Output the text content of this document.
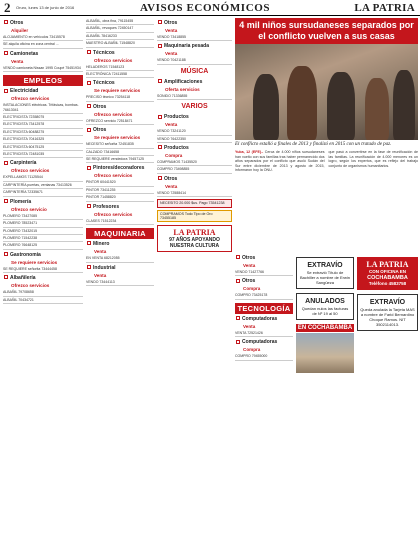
2 Oruro, lunes 13 de junio de 2016	AVISOS ECONÓMICOS	LA PATRIA
Otros
Alquiler
ALOJAMIENTO en vehículos 73415578
SE alquila oficina en zona central ...
Camionetas
Venta
VENDO camioneta Nissan 1995 Coupé 75451934
EMPLEOS
Electricidad
Ofrezco servicios
INSTALACIONES eléctricas. Trifásicas, bombas. 76613041
ELECTRICISTA 72358075
ELECTRICISTA 73412578
ELECTRICISTA 60488275
ELECTRICISTA 70416325
ELECTRICISTA 60475125
ELECTRICISTA 72481035
Carpintería
Ofrezco servicios
EXPELLAMOS 71125544
CARPINTERÍA puertas, ventanas 73413526
CARPINTERÍA 72335671
Plomería
Ofrezco servicio
PLOMERO 73427085
PLOMERO 78523471
PLOMERO 73432015
PLOMERO 71542238
PLOMERO 76648125
Gastronomía
Se requiere servicios
SE REQUIERE señorita 73444458
Albañilería
Ofrezco servicios
ALBAÑIL 79708658
ALBAÑIL 70434721
ALBAÑIL, obra fina, 79115455
ALBAÑIL, revoques 72450147
ALBAÑIL 78416233
MAESTRO ALBAÑIL 71548820
Técnicos
Ofrezco servicios
HELADEROS 71548123
ELECTRÓNICA 72411558
Técnicos
Se requiere servicios
PRECISO técnico 73254118
Otros
Ofrezco servicios
OFREZCO servicio 72518471
Otros
Se requiere servicios
NECESITO señorita 72451835
CALZADO 73416658
SE REQUIERE vendedora 79457125
Pintores/decoradores
Ofrezco servicios
PINTOR 60441520
PINTOR 73411235
PINTOR 71458820
Profesores
Ofrezco servicios
CLASES 71512234
MAQUINARIA
Minero
Venta
EN VENTA 68212055
Industrial
Venta
VENDO 73444113
Otros
Venta
VENDO 73418855
Maquinaria pesada
Venta
VENDO 70421188
MÚSICA
Amplificaciones
Oferta servicios
SONIDO 71336855
VARIOS
Productos
Venta
VENDO 73241120
VENDO 76422350
Productos
Compra
COMPRAMOS 71435520
COMPRO 73498855
Otros
Venta
VENDO 72588414
NECESITO 20.000 $us. Pago 73541238
COMPRAMOS Todo Tipo de Oro 73455185
LA PATRIA
97 AÑOS APOYANDO NUESTRA CULTURA
4 mil niños sursudaneses separados por el conflicto vuelven a sus casas
El conflicto estalló a finales de 2013 y finalizó en 2015 con un tratado de paz.
Yuba, 12 (EFE).- Cerca de 4.000 niños sursudaneses han vuelto con sus familias tras haber permanecido dos años separados por el conflicto que asoló Sudán del Sur entre diciembre de 2013 y agosto de 2015, informaron hoy la ONU.
que pasó a convertirse en la fase de reunificación de las familias. La reunificación de 4.000 menores es un logro, según los expertos, que es reflejo del trabajo conjunto de organismos humanitarios.
Otros
Venta
VENDO 71427766
Otros
Compra
COMPRO 73425178
TECNOLOGÍA
Computadoras
Venta
VENTA 72521426
Computadoras
Compra
COMPRO 79455000
EXTRAVÍO
Se extravió Título de Bachiller a nombre de Erwin Sangüeza
ANULADOS
Quedan nulos las facturas de Nº 19 al 50
EN COCHABAMBA
LA PATRIA
CON OFICINA EN
COCHABAMBA
Teléfono 4583758
EXTRAVÍO
Queda anulada la Tarjeta MAS a nombre de Farid Bernardino Choque Ramos. NIT 3502114013.
